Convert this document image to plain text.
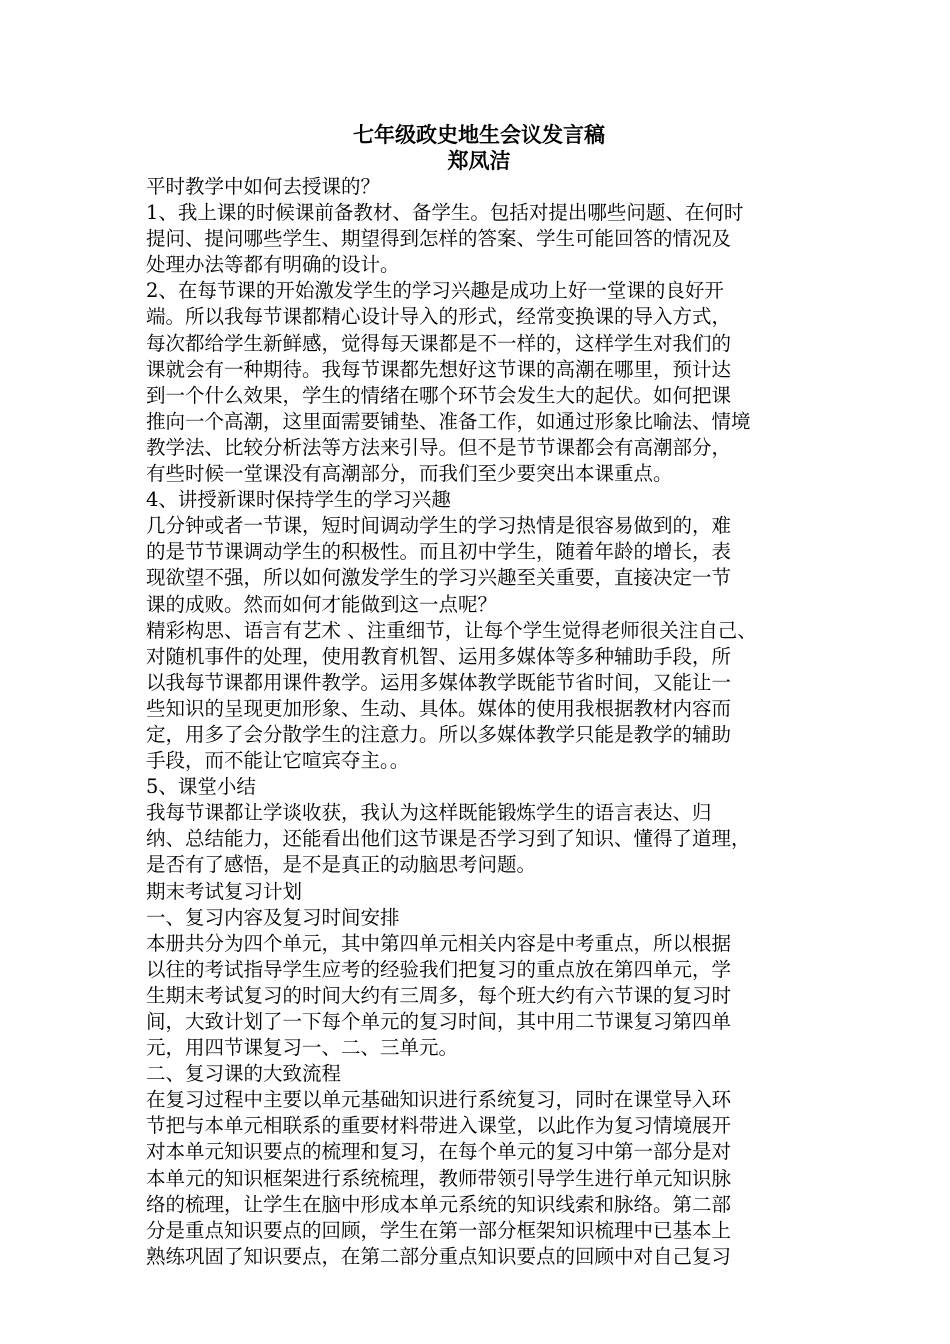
七年级政史地生会议发言稿
郑凤洁
平时教学中如何去授课的？
1、我上课的时候课前备教材、备学生。包括对提出哪些问题、在何时
提问、提问哪些学生、期望得到怎样的答案、学生可能回答的情况及
处理办法等都有明确的设计。
2、在每节课的开始激发学生的学习兴趣是成功上好一堂课的良好开
端。所以我每节课都精心设计导入的形式，经常变换课的导入方式，
每次都给学生新鲜感，觉得每天课都是不一样的，这样学生对我们的
课就会有一种期待。我每节课都先想好这节课的高潮在哪里，预计达
到一个什么效果，学生的情绪在哪个环节会发生大的起伏。如何把课
推向一个高潮，这里面需要铺垫、准备工作，如通过形象比喻法、情境
教学法、比较分析法等方法来引导。但不是节节课都会有高潮部分，
有些时候一堂课没有高潮部分，而我们至少要突出本课重点。
4、讲授新课时保持学生的学习兴趣
几分钟或者一节课，短时间调动学生的学习热情是很容易做到的，难
的是节节课调动学生的积极性。而且初中学生，随着年龄的增长，表
现欲望不强，所以如何激发学生的学习兴趣至关重要，直接决定一节
课的成败。然而如何才能做到这一点呢？
精彩构思、语言有艺术 、注重细节，让每个学生觉得老师很关注自己、
对随机事件的处理，使用教育机智、运用多媒体等多种辅助手段，所
以我每节课都用课件教学。运用多媒体教学既能节省时间，又能让一
些知识的呈现更加形象、生动、具体。媒体的使用我根据教材内容而
定，用多了会分散学生的注意力。所以多媒体教学只能是教学的辅助
手段，而不能让它喧宾夺主。。
5、课堂小结
我每节课都让学谈收获，我认为这样既能锻炼学生的语言表达、归
纳、总结能力，还能看出他们这节课是否学习到了知识、懂得了道理，
是否有了感悟，是不是真正的动脑思考问题。
期末考试复习计划
一、复习内容及复习时间安排
本册共分为四个单元，其中第四单元相关内容是中考重点，所以根据
以往的考试指导学生应考的经验我们把复习的重点放在第四单元，学
生期末考试复习的时间大约有三周多，每个班大约有六节课的复习时
间，大致计划了一下每个单元的复习时间，其中用二节课复习第四单
元，用四节课复习一、二、三单元。
二、复习课的大致流程
在复习过程中主要以单元基础知识进行系统复习，同时在课堂导入环
节把与本单元相联系的重要材料带进入课堂，以此作为复习情境展开
对本单元知识要点的梳理和复习，在每个单元的复习中第一部分是对
本单元的知识框架进行系统梳理，教师带领引导学生进行单元知识脉
络的梳理，让学生在脑中形成本单元系统的知识线索和脉络。第二部
分是重点知识要点的回顾，学生在第一部分框架知识梳理中已基本上
熟练巩固了知识要点，在第二部分重点知识要点的回顾中对自己复习
